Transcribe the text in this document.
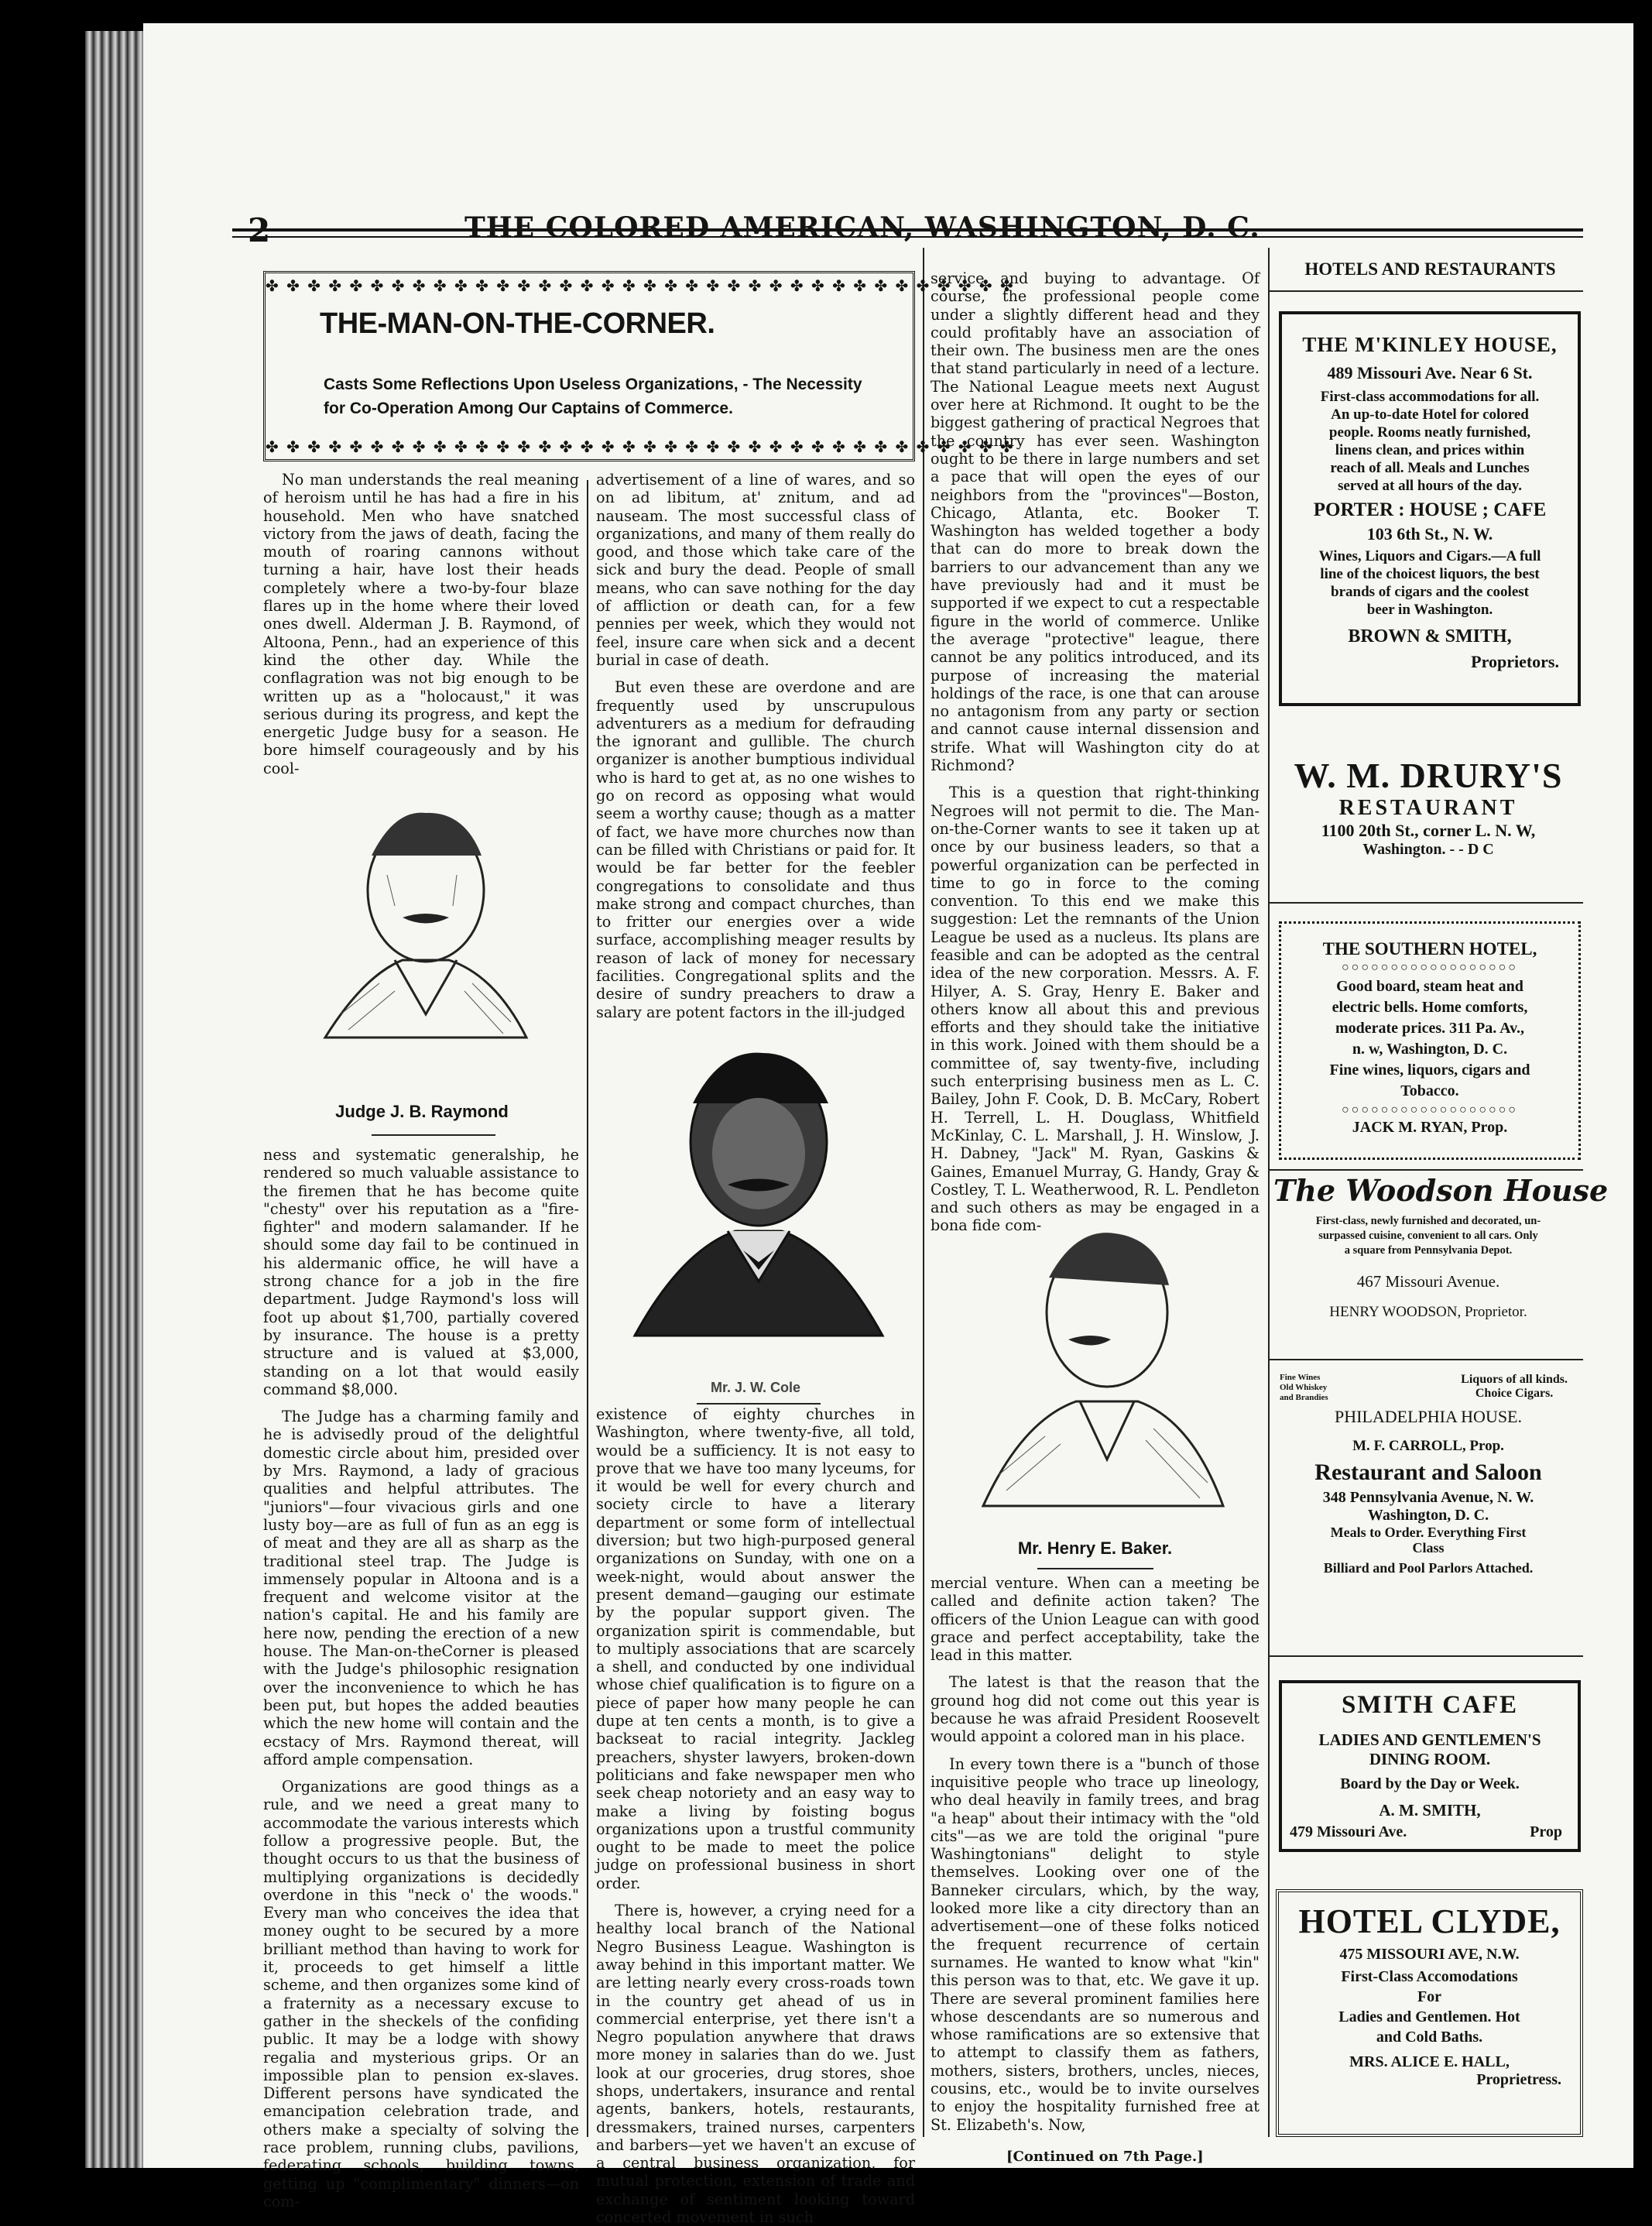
2	THE COLORED AMERICAN, WASHINGTON, D. C.
✤ ✤ ✤ ✤ ✤ ✤ ✤ ✤ ✤ ✤ ✤ ✤ ✤ ✤ ✤ ✤ ✤ ✤ ✤ ✤ ✤ ✤ ✤ ✤ ✤ ✤ ✤ ✤ ✤ ✤ ✤ ✤ ✤ ✤ ✤ ✤
THE-MAN-ON-THE-CORNER.
Casts Some Reflections Upon Useless Organizations, - The Necessity for Co-Operation Among Our Captains of Commerce.
✤ ✤ ✤ ✤ ✤ ✤ ✤ ✤ ✤ ✤ ✤ ✤ ✤ ✤ ✤ ✤ ✤ ✤ ✤ ✤ ✤ ✤ ✤ ✤ ✤ ✤ ✤ ✤ ✤ ✤ ✤ ✤ ✤ ✤ ✤ ✤

No man understands the real meaning of heroism until he has had a fire in his household. Men who have snatched victory from the jaws of death, facing the mouth of roaring cannons without turning a hair, have lost their heads completely where a two-by-four blaze flares up in the home where their loved ones dwell. Alderman J. B. Raymond, of Altoona, Penn., had an experience of this kind the other day. While the conflagration was not big enough to be written up as a "holocaust," it was serious during its progress, and kept the energetic Judge busy for a season. He bore himself courageously and by his cool-

Judge J. B. Raymond

ness and systematic generalship, he rendered so much valuable assistance to the firemen that he has become quite "chesty" over his reputation as a "fire-fighter" and modern salamander. If he should some day fail to be continued in his aldermanic office, he will have a strong chance for a job in the fire department. Judge Raymond's loss will foot up about $1,700, partially covered by insurance. The house is a pretty structure and is valued at $3,000, standing on a lot that would easily command $8,000.

The Judge has a charming family and he is advisedly proud of the delightful domestic circle about him, presided over by Mrs. Raymond, a lady of gracious qualities and helpful attributes. The "juniors"—four vivacious girls and one lusty boy—are as full of fun as an egg is of meat and they are all as sharp as the traditional steel trap. The Judge is immensely popular in Altoona and is a frequent and welcome visitor at the nation's capital. He and his family are here now, pending the erection of a new house. The Man-on-theCorner is pleased with the Judge's philosophic resignation over the inconvenience to which he has been put, but hopes the added beauties which the new home will contain and the ecstacy of Mrs. Raymond thereat, will afford ample compensation.

Organizations are good things as a rule, and we need a great many to accommodate the various interests which follow a progressive people. But, the thought occurs to us that the business of multiplying organizations is decidedly overdone in this "neck o' the woods." Every man who conceives the idea that money ought to be secured by a more brilliant method than having to work for it, proceeds to get himself a little scheme, and then organizes some kind of a fraternity as a necessary excuse to gather in the sheckels of the confiding public. It may be a lodge with showy regalia and mysterious grips. Or an impossible plan to pension ex-slaves. Different persons have syndicated the emancipation celebration trade, and others make a specialty of solving the race problem, running clubs, pavilions, federating schools, building towns, getting up "complimentary" dinners—on com-

advertisement of a line of wares, and so on ad libitum, at' znitum, and ad nauseam. The most successful class of organizations, and many of them really do good, and those which take care of the sick and bury the dead. People of small means, who can save nothing for the day of affliction or death can, for a few pennies per week, which they would not feel, insure care when sick and a decent burial in case of death.

But even these are overdone and are frequently used by unscrupulous adventurers as a medium for defrauding the ignorant and gullible. The church organizer is another bumptious individual who is hard to get at, as no one wishes to go on record as opposing what would seem a worthy cause; though as a matter of fact, we have more churches now than can be filled with Christians or paid for. It would be far better for the feebler congregations to consolidate and thus make strong and compact churches, than to fritter our energies over a wide surface, accomplishing meager results by reason of lack of money for necessary facilities. Congregational splits and the desire of sundry preachers to draw a salary are potent factors in the ill-judged

Mr. J. W. Cole

existence of eighty churches in Washington, where twenty-five, all told, would be a sufficiency. It is not easy to prove that we have too many lyceums, for it would be well for every church and society circle to have a literary department or some form of intellectual diversion; but two high-purposed general organizations on Sunday, with one on a week-night, would about answer the present demand—gauging our estimate by the popular support given. The organization spirit is commendable, but to multiply associations that are scarcely a shell, and conducted by one individual whose chief qualification is to figure on a piece of paper how many people he can dupe at ten cents a month, is to give a backseat to racial integrity. Jackleg preachers, shyster lawyers, broken-down politicians and fake newspaper men who seek cheap notoriety and an easy way to make a living by foisting bogus organizations upon a trustful community ought to be made to meet the police judge on professional business in short order.

There is, however, a crying need for a healthy local branch of the National Negro Business League. Washington is away behind in this important matter. We are letting nearly every cross-roads town in the country get ahead of us in commercial enterprise, yet there isn't a Negro population anywhere that draws more money in salaries than do we. Just look at our groceries, drug stores, shoe shops, undertakers, insurance and rental agents, bankers, hotels, restaurants, dressmakers, trained nurses, carpenters and barbers—yet we haven't an excuse of a central business organization, for mutual protection, extension of trade and exchange of sentiment looking toward concerted movement in such

service and buying to advantage. Of course, the professional people come under a slightly different head and they could profitably have an association of their own. The business men are the ones that stand particularly in need of a lecture. The National League meets next August over here at Richmond. It ought to be the biggest gathering of practical Negroes that the country has ever seen. Washington ought to be there in large numbers and set a pace that will open the eyes of our neighbors from the "provinces"—Boston, Chicago, Atlanta, etc. Booker T. Washington has welded together a body that can do more to break down the barriers to our advancement than any we have previously had and it must be supported if we expect to cut a respectable figure in the world of commerce. Unlike the average "protective" league, there cannot be any politics introduced, and its purpose of increasing the material holdings of the race, is one that can arouse no antagonism from any party or section and cannot cause internal dissension and strife. What will Washington city do at Richmond?

This is a question that right-thinking Negroes will not permit to die. The Man-on-the-Corner wants to see it taken up at once by our business leaders, so that a powerful organization can be perfected in time to go in force to the coming convention. To this end we make this suggestion: Let the remnants of the Union League be used as a nucleus. Its plans are feasible and can be adopted as the central idea of the new corporation. Messrs. A. F. Hilyer, A. S. Gray, Henry E. Baker and others know all about this and previous efforts and they should take the initiative in this work. Joined with them should be a committee of, say twenty-five, including such enterprising business men as L. C. Bailey, John F. Cook, D. B. McCary, Robert H. Terrell, L. H. Douglass, Whitfield McKinlay, C. L. Marshall, J. H. Winslow, J. H. Dabney, "Jack" M. Ryan, Gaskins & Gaines, Emanuel Murray, G. Handy, Gray & Costley, T. L. Weatherwood, R. L. Pendleton and such others as may be engaged in a bona fide com-

Mr. Henry E. Baker.

mercial venture. When can a meeting be called and definite action taken? The officers of the Union League can with good grace and perfect acceptability, take the lead in this matter.

The latest is that the reason that the ground hog did not come out this year is because he was afraid President Roosevelt would appoint a colored man in his place.

In every town there is a "bunch of those inquisitive people who trace up lineology, who deal heavily in family trees, and brag "a heap" about their intimacy with the "old cits"—as we are told the original "pure Washingtonians" delight to style themselves. Looking over one of the Banneker circulars, which, by the way, looked more like a city directory than an advertisement—one of these folks noticed the frequent recurrence of certain surnames. He wanted to know what "kin" this person was to that, etc. We gave it up. There are several prominent families here whose descendants are so numerous and whose ramifications are so extensive that to attempt to classify them as fathers, mothers, sisters, brothers, uncles, nieces, cousins, etc., would be to invite ourselves to enjoy the hospitality furnished free at St. Elizabeth's. Now,

[Continued on 7th Page.]
HOTELS AND RESTAURANTS
THE M'KINLEY HOUSE,
489 Missouri Ave. Near 6 St.
First-class accommodations for all.
An up-to-date Hotel for colored
people. Rooms neatly furnished,
linens clean, and prices within
reach of all. Meals and Lunches
served at all hours of the day.
PORTER : HOUSE ; CAFE
103 6th St., N. W.
Wines, Liquors and Cigars.—A full
line of the choicest liquors, the best
brands of cigars and the coolest
beer in Washington.
BROWN & SMITH,
Proprietors.
W. M. DRURY'S
RESTAURANT
1100 20th St., corner L. N. W,
Washington. - - D C
THE SOUTHERN HOTEL,
○○○○○○○○○○○○○○○○○○
Good board, steam heat and
electric bells. Home comforts,
moderate prices. 311 Pa. Av.,
n. w, Washington, D. C.
Fine wines, liquors, cigars and
Tobacco.
○○○○○○○○○○○○○○○○○○
JACK M. RYAN, Prop.
The Woodson House
First-class, newly furnished and decorated, un-
surpassed cuisine, convenient to all cars. Only
a square from Pennsylvania Depot.
467 Missouri Avenue.
HENRY WOODSON, Proprietor.
Fine Wines
Old Whiskey
and Brandies
Liquors of all kinds.
Choice Cigars.
PHILADELPHIA HOUSE.
M. F. CARROLL, Prop.
Restaurant and Saloon
348 Pennsylvania Avenue, N. W.
Washington, D. C.
Meals to Order. Everything First
Class
Billiard and Pool Parlors Attached.
SMITH CAFE
LADIES AND GENTLEMEN'S
DINING ROOM.
Board by the Day or Week.
A. M. SMITH,
479 Missouri Ave.	Prop
HOTEL CLYDE,
475 MISSOURI AVE, N.W.
First-Class Accomodations
For
Ladies and Gentlemen. Hot
and Cold Baths.
MRS. ALICE E. HALL,
Proprietress.
